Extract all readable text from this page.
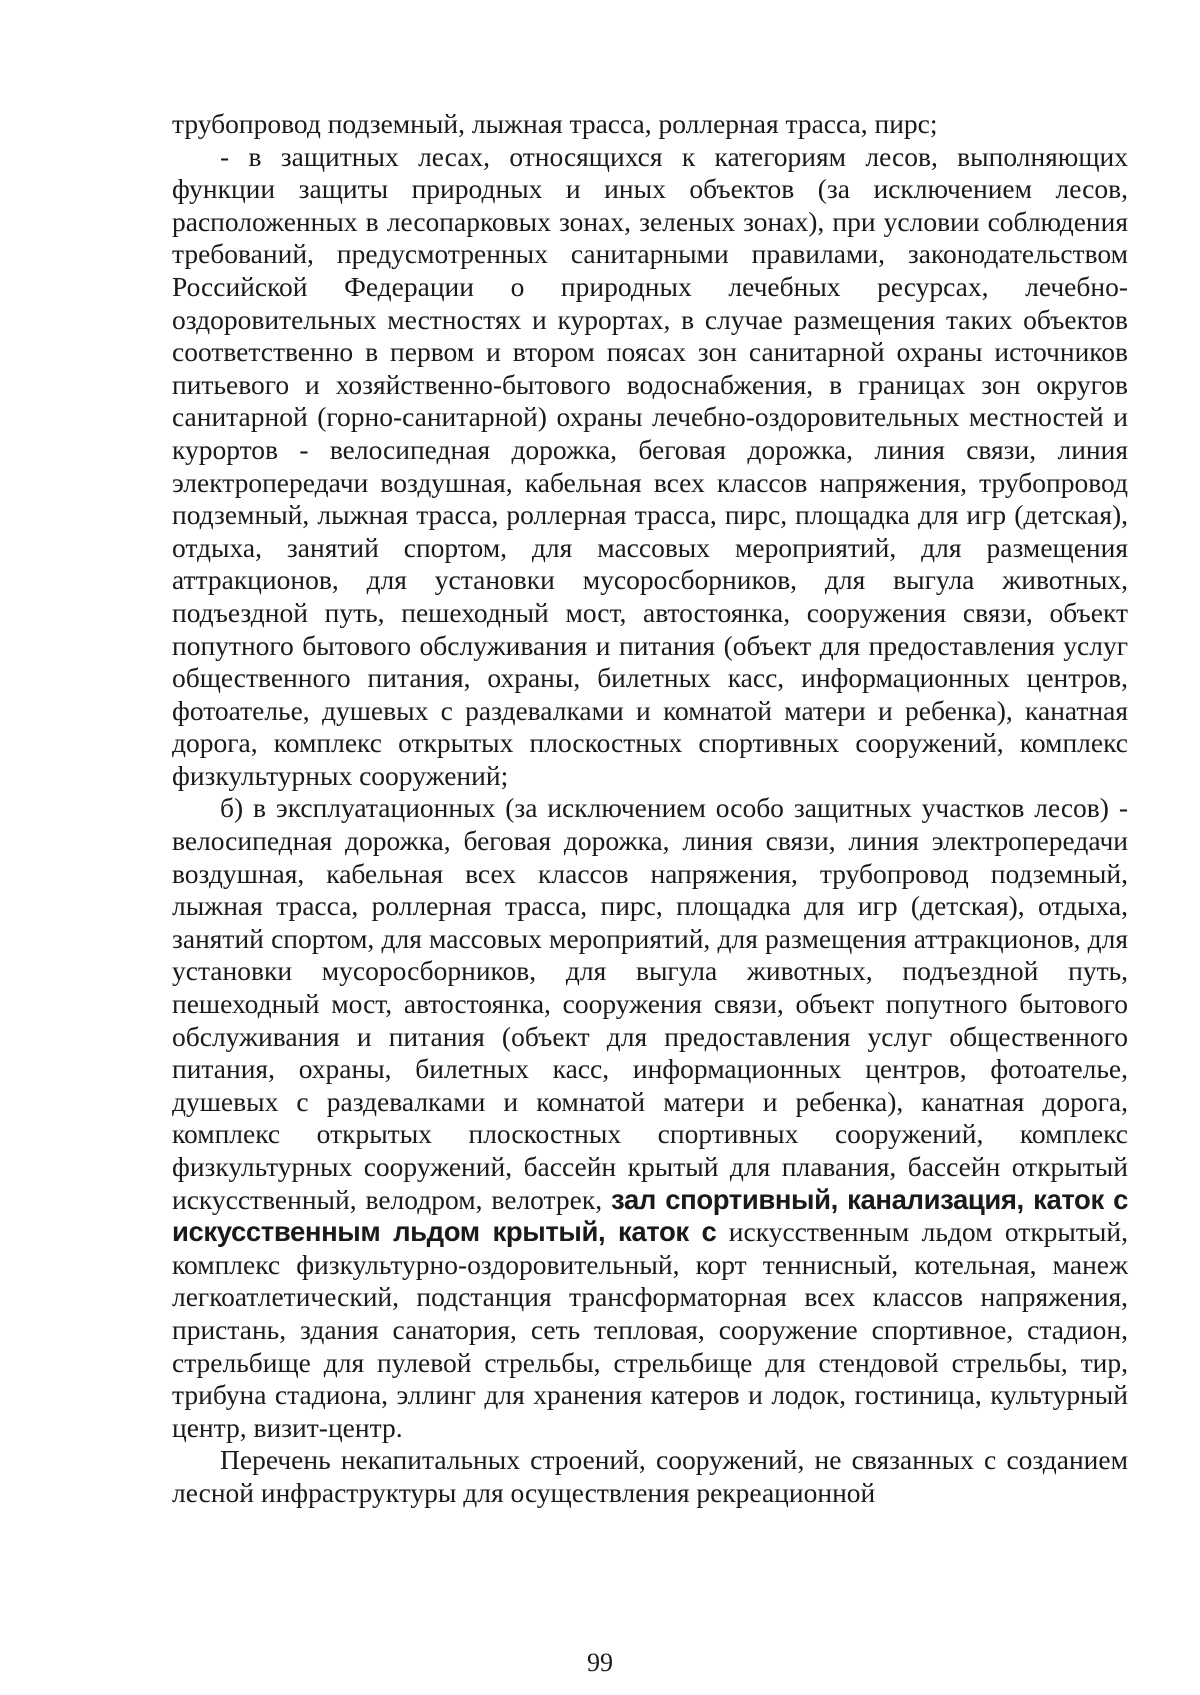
трубопровод подземный, лыжная трасса, роллерная трасса, пирс;

- в защитных лесах, относящихся к категориям лесов, выполняющих функции защиты природных и иных объектов (за исключением лесов, расположенных в лесопарковых зонах, зеленых зонах), при условии соблюдения требований, предусмотренных санитарными правилами, законодательством Российской Федерации о природных лечебных ресурсах, лечебно-оздоровительных местностях и курортах, в случае размещения таких объектов соответственно в первом и втором поясах зон санитарной охраны источников питьевого и хозяйственно-бытового водоснабжения, в границах зон округов санитарной (горно-санитарной) охраны лечебно-оздоровительных местностей и курортов - велосипедная дорожка, беговая дорожка, линия связи, линия электропередачи воздушная, кабельная всех классов напряжения, трубопровод подземный, лыжная трасса, роллерная трасса, пирс, площадка для игр (детская), отдыха, занятий спортом, для массовых мероприятий, для размещения аттракционов, для установки мусоросборников, для выгула животных, подъездной путь, пешеходный мост, автостоянка, сооружения связи, объект попутного бытового обслуживания и питания (объект для предоставления услуг общественного питания, охраны, билетных касс, информационных центров, фотоателье, душевых с раздевалками и комнатой матери и ребенка), канатная дорога, комплекс открытых плоскостных спортивных сооружений, комплекс физкультурных сооружений;

б) в эксплуатационных (за исключением особо защитных участков лесов) - велосипедная дорожка, беговая дорожка, линия связи, линия электропередачи воздушная, кабельная всех классов напряжения, трубопровод подземный, лыжная трасса, роллерная трасса, пирс, площадка для игр (детская), отдыха, занятий спортом, для массовых мероприятий, для размещения аттракционов, для установки мусоросборников, для выгула животных, подъездной путь, пешеходный мост, автостоянка, сооружения связи, объект попутного бытового обслуживания и питания (объект для предоставления услуг общественного питания, охраны, билетных касс, информационных центров, фотоателье, душевых с раздевалками и комнатой матери и ребенка), канатная дорога, комплекс открытых плоскостных спортивных сооружений, комплекс физкультурных сооружений, бассейн крытый для плавания, бассейн открытый искусственный, велодром, велотрек, зал спортивный, канализация, каток с искусственным льдом крытый, каток с искусственным льдом открытый, комплекс физкультурно-оздоровительный, корт теннисный, котельная, манеж легкоатлетический, подстанция трансформаторная всех классов напряжения, пристань, здания санатория, сеть тепловая, сооружение спортивное, стадион, стрельбище для пулевой стрельбы, стрельбище для стендовой стрельбы, тир, трибуна стадиона, эллинг для хранения катеров и лодок, гостиница, культурный центр, визит-центр.

Перечень некапитальных строений, сооружений, не связанных с созданием лесной инфраструктуры для осуществления рекреационной

99
